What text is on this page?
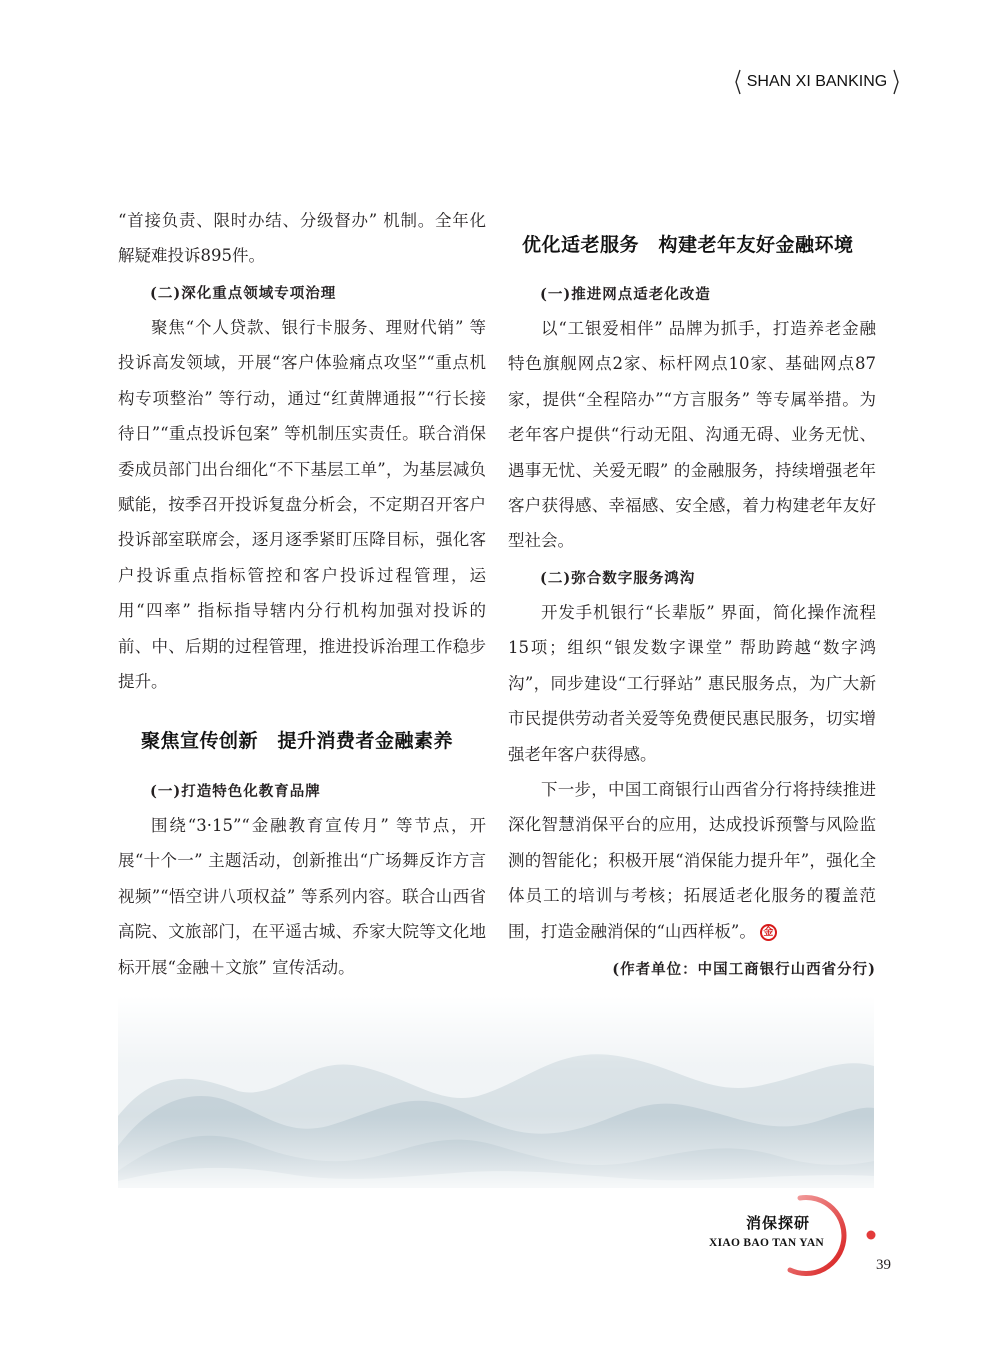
SHAN XI BANKING
“首接负责、限时办结、分级督办” 机制。全年化解疑难投诉895件。
(二)深化重点领域专项治理
聚焦“个人贷款、银行卡服务、理财代销” 等投诉高发领域，开展“客户体验痛点攻坚”“重点机构专项整治” 等行动，通过“红黄牌通报”“行长接待日”“重点投诉包案” 等机制压实责任。联合消保委成员部门出台细化“不下基层工单”，为基层减负赋能，按季召开投诉复盘分析会，不定期召开客户投诉部室联席会，逐月逐季紧盯压降目标，强化客户投诉重点指标管控和客户投诉过程管理，运用“四率” 指标指导辖内分行机构加强对投诉的前、中、后期的过程管理，推进投诉治理工作稳步提升。
聚焦宣传创新　提升消费者金融素养
(一)打造特色化教育品牌
围绕“3·15”“金融教育宣传月” 等节点，开展“十个一” 主题活动，创新推出“广场舞反诈方言视频”“悟空讲八项权益” 等系列内容。联合山西省高院、文旅部门，在平遥古城、乔家大院等文化地标开展“金融＋文旅” 宣传活动。
优化适老服务　构建老年友好金融环境
(一)推进网点适老化改造
以“工银爱相伴” 品牌为抓手，打造养老金融特色旗舰网点2家、标杆网点10家、基础网点87家，提供“全程陪办”“方言服务” 等专属举措。为老年客户提供“行动无阻、沟通无碍、业务无忧、遇事无忧、关爱无暇” 的金融服务，持续增强老年客户获得感、幸福感、安全感，着力构建老年友好型社会。
(二)弥合数字服务鸿沟
开发手机银行“长辈版” 界面，简化操作流程15项；组织“银发数字课堂” 帮助跨越“数字鸿沟”，同步建设“工行驿站” 惠民服务点，为广大新市民提供劳动者关爱等免费便民惠民服务，切实增强老年客户获得感。
下一步，中国工商银行山西省分行将持续推进深化智慧消保平台的应用，达成投诉预警与风险监测的智能化；积极开展“消保能力提升年”，强化全体员工的培训与考核；拓展适老化服务的覆盖范围，打造金融消保的“山西样板”。 金
(作者单位：中国工商银行山西省分行)
消保探研
XIAO BAO TAN YAN
39
